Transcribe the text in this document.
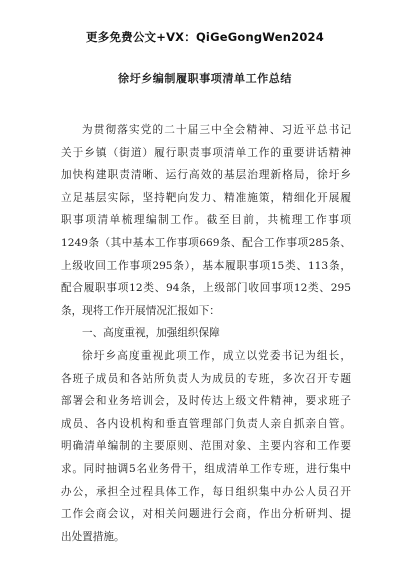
更多免费公文+VX：QiGeGongWen2024
徐圩乡编制履职事项清单工作总结
为贯彻落实党的二十届三中全会精神、习近平总书记
关于乡镇（街道）履行职责事项清单工作的重要讲话精神
加快构建职责清晰、运行高效的基层治理新格局，徐圩乡
立足基层实际，坚持靶向发力、精准施策，精细化开展履
职事项清单梳理编制工作。截至目前，共梳理工作事项
1249条（其中基本工作事项669条、配合工作事项285条、
上级收回工作事项295条），基本履职事项15类、113条，
配合履职事项12类、94条，上级部门收回事项12类、295
条，现将工作开展情况汇报如下：
一、高度重视，加强组织保障
徐圩乡高度重视此项工作，成立以党委书记为组长，
各班子成员和各站所负责人为成员的专班，多次召开专题
部署会和业务培训会，及时传达上级文件精神，要求班子
成员、各内设机构和垂直管理部门负责人亲自抓亲自管。
明确清单编制的主要原则、范围对象、主要内容和工作要
求。同时抽调5名业务骨干，组成清单工作专班，进行集中
办公，承担全过程具体工作，每日组织集中办公人员召开
工作会商会议，对相关问题进行会商，作出分析研判、提
出处置措施。
